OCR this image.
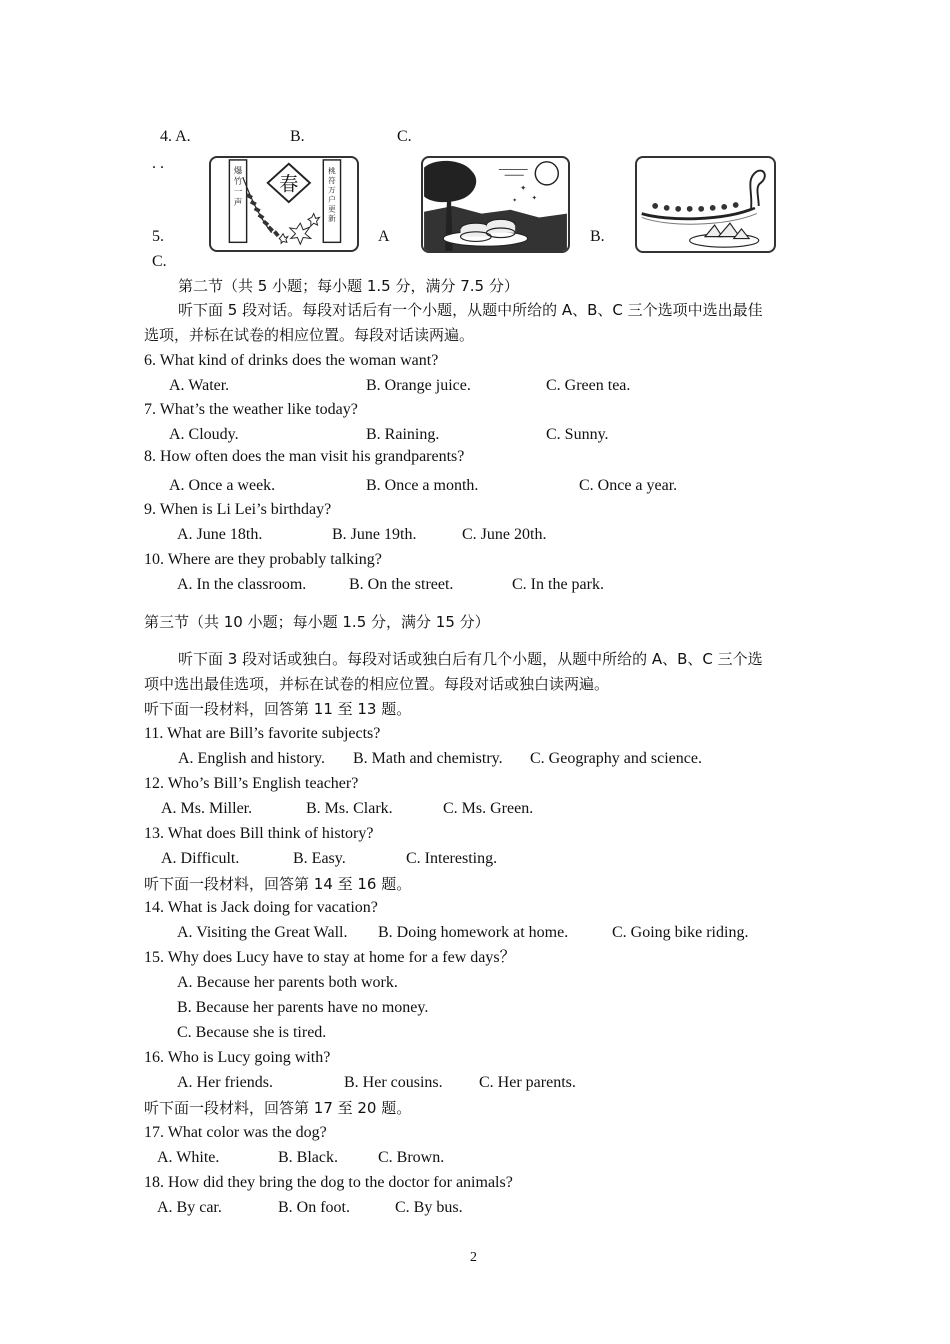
4. A.	B.	C.
. .	爆竹一声
桃符万户更新
春	✦
✦
✦
5.	A	B.
C.
第二节（共 5 小题；每小题 1.5 分，满分 7.5 分）
听下面 5 段对话。每段对话后有一个小题，从题中所给的 A、B、C 三个选项中选出最佳
选项，并标在试卷的相应位置。每段对话读两遍。
6. What kind of drinks does the woman want?
A. Water.	B. Orange juice.	C. Green tea.
7. What’s the weather like today?
A. Cloudy.	B. Raining.	C. Sunny.
8. How often does the man visit his grandparents?
A. Once a week.	B. Once a month.	C. Once a year.
9. When is Li Lei’s birthday?
A. June 18th.	B. June 19th.	C. June 20th.
10. Where are they probably talking?
A. In the classroom.	B. On the street.	C. In the park.
第三节（共 10 小题；每小题 1.5 分，满分 15 分）
听下面 3 段对话或独白。每段对话或独白后有几个小题，从题中所给的 A、B、C 三个选
项中选出最佳选项，并标在试卷的相应位置。每段对话或独白读两遍。
听下面一段材料，回答第 11 至 13 题。
11. What are Bill’s favorite subjects?
A. English and history. B. Math and chemistry. C. Geography and science.
12. Who’s Bill’s English teacher?
A. Ms. Miller.	B. Ms. Clark.	C. Ms. Green.
13. What does Bill think of history?
A. Difficult.	B. Easy.	C. Interesting.
听下面一段材料，回答第 14 至 16 题。
14. What is Jack doing for vacation?
A. Visiting the Great Wall. B. Doing homework at home.	C. Going bike riding.
15. Why does Lucy have to stay at home for a few days？
A. Because her parents both work.
B. Because her parents have no money.
C. Because she is tired.
16. Who is Lucy going with?
A. Her friends.	B. Her cousins. C. Her parents.
听下面一段材料，回答第 17 至 20 题。
17. What color was the dog?
A. White.	B. Black.	C. Brown.
18. How did they bring the dog to the doctor for animals?
A. By car.	B. On foot.	C. By bus.
2
